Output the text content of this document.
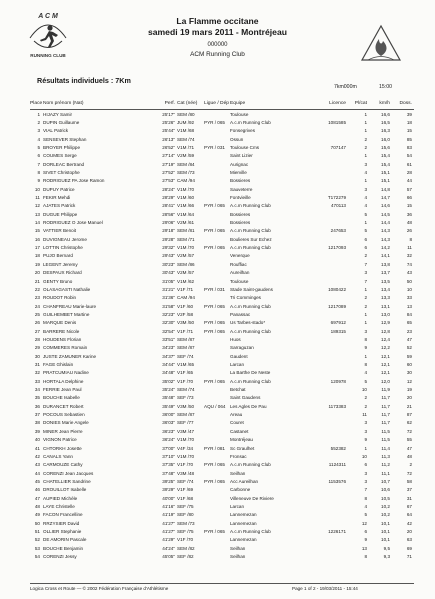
A C M
RUNNING CLUB
La Flamme occitane
samedi 19 mars 2011 - Montréjeau
000000
ACM Running Club
Résultats individuels : 7Km
7km000m	15:00
Place Nom prénom (Nat)	Perf. Cat (née)	Ligue / Dép Equipe	Licence	Pl/cat	km/h	Doss.
1 HIJAZY Samir	25'17" SEM /80	Toulouse	1	16,6	39
2 DUPIN Guillaume	25'26" JUM /92	PYR / 065	A.c.m Running Club	1081585	1	16,5	18
3 VIAL Patrick	25'44" V1M /68	Fonsegrives	1	16,3	15
4 SENSEVER Stephan	26'13" SEM /74	Ossun	2	16,0	85
5 BROYER Philippe	26'52" V1M /71	PYR / 031	Toulouse Cms	707147	2	15,6	83
6 COUMES Serge	27'14" V2M /59	Saint Lizier	1	15,4	54
7 DORLEAC Bertrand	27'19" SEM /84	Aurignac	3	15,4	61
8 SIVET Christophe	27'52" SEM /73	Mierville	4	15,1	28
9 RODRIGUEZ PA Jose Ramon	27'53" CAM /94	Bossieres	1	15,1	44
10 DUPUY Patrice	28'24" V1M /70	Sauveterre	3	14,8	57
11 FEKIR Mehdi	28'29" V1M /60	Fontvieille	T172279	4	14,7	66
12 AJATES Patrick	28'41" V1M /66	PYR / 065	A.c.m Running Club	470113	4	14,6	15
13 DUGUE Philippe	28'56" V1M /64	Bossieres	5	14,5	36
14 RODRIGUEZ O Jose Manuel	29'06" V2M /61	Bossieres	1	14,4	48
15 VATTIER Benoit	29'18" SEM /81	PYR / 065	A.c.m Running Club	247653	5	14,3	26
16 DUVIGNEAU Jerome	29'28" SEM /71	Boulieres Sur Echez	6	14,3	8
17 LOTTIN Christophe	29'32" V1M /70	PYR / 065	A.c.m Running Club	1217093	6	14,2	11
18 PUJO Bernard	29'43" V2M /57	Venerque	2	14,1	32
19 LEGENT Jeremy	30'23" SEM /86	Rouffiac	7	13,8	74
20 DESPAUX Richard	30'43" V2M /57	Aureilhan	3	13,7	43
21 GENTY Bruno	31'05" V1M /62	Toulouse	7	13,5	50
22 OLASAGASTI Nathalie	31'21" V1F /71	PYR / 031	Stade Saint-gaudens	1080422	1	13,4	10
23 ROUDOT Robin	31'36" CAM /94	Tri Comminges	2	13,3	33
24 CHANFREAU Marie-laure	31'58" V1F /60	PYR / 065	A.c.m Running Club	1217089	2	13,1	13
25 GUILHEMBET Martine	32'23" V2F /58	Panassac	1	13,0	84
26 MARQUE Denis	32'30" V3M /50	PYR / 065	Us Tarbes-stado*	697912	1	12,9	65
27 BARRERE Nicole	32'54" V1F /71	PYR / 065	A.c.m Running Club	189315	3	12,8	23
28 HOUDENS Florian	33'51" SEM /87	Huos	8	12,4	47
29 COMMERES Romain	34'23" SEM /87	Sarraguzan	9	12,2	52
30 JUSTE ZAMUNER Karine	34'37" SEF /74	Gaudent	1	12,1	59
31 FAGE Ghislain	34'44" V1M /65	Larcan	8	12,1	60
32 PRATCUMIAU Nadine	34'48" V1F /65	La Barthe De Neste	4	12,1	30
33 HORTALA Delphine	35'02" V1F /70	PYR / 065	A.c.m Running Club	120978	5	12,0	12
34 FERRIE Jean Paul	35'24" SEM /74	Betchat	10	11,9	19
35 BOUCHE Isabelle	35'48" SEF /73	Saint Gaudens	2	11,7	20
36 DURANCET Robert	35'49" V3M /50	AQU / 064 Les Agles De Pau	1173383	2	11,7	21
37 POCOUS Sebastien	36'00" SEM /87	Areau	11	11,7	87
38 DONIES Marie Angele	36'03" SEF /77	Couret	3	11,7	62
39 MINER Jean Pierre	36'23" V3M /47	Castanet	3	11,5	72
40 VIGNON Patrice	36'24" V1M /70	Montréjeau	9	11,5	55
41 CHTORKH Josette	37'00" V4F /34	PYR / 081	Sc Graulhet	552382	1	11,4	47
42 CANALS Yann	37'10" V1M /70	Fronsac	10	11,3	48
43 CARMOUZE Cathy	37'35" V1F /70	PYR / 065	A.c.m Running Club	1124311	6	11,2	2
44 CORENZI Jean Jacques	37'48" V3M /48	Seilhan	3	11,1	72
45 CHATELLIER Sandrine	39'25" SEF /74	PYR / 065	Acc Aureilhan	1153576	3	10,7	58
46 DROUILLOT Isabelle	39'29" V1F /69	Carbonne	7	10,6	37
47 AUPIED Michèle	40'00" V1F /68	Villeneuve De Riviere	8	10,5	31
48 LAYE Christelle	41'16" SEF /75	Larcan	4	10,2	67
49 FACON Francelline	41'19" SEF /80	Lannemezan	5	10,2	64
50 RRZYSIER David	41'27" SEM /73	Lannemezan	12	10,1	42
51 OLLIER Stephanie	41'27" SEF /75	PYR / 065	A.c.m Running Club	1226171	6	10,1	20
52 DE AMORIN Pascale	41'29" V1F /70	Lannemezan	9	10,1	63
53 BOUCHE Benjamin	44'24" SEM /82	Seilhan	13	9,5	69
54 CORENZI Jessy	45'05" SEF /82	Seilhan	8	9,3	71
Logica Cross et Route — © 2002 Fédération Française d'Athlétisme	Page 1 of 2 - 19/03/2011 - 15:44
